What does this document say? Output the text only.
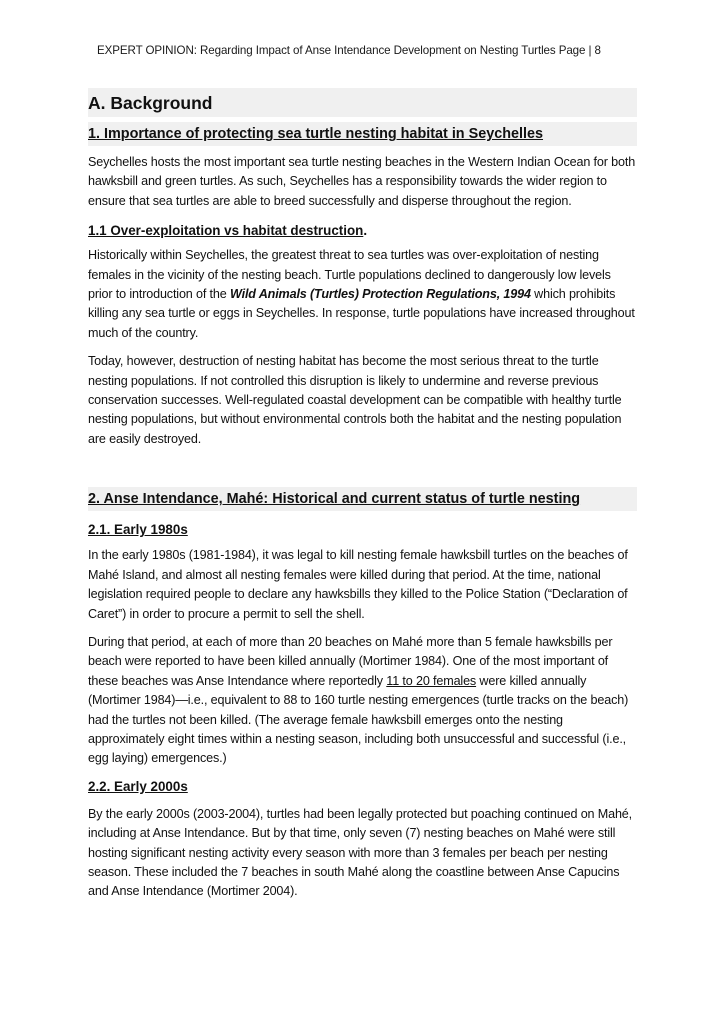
EXPERT OPINION: Regarding Impact of Anse Intendance Development on Nesting Turtles Page | 8
A. Background
1. Importance of protecting sea turtle nesting habitat in Seychelles

Seychelles hosts the most important sea turtle nesting beaches in the Western Indian Ocean for both hawksbill and green turtles. As such, Seychelles has a responsibility towards the wider region to ensure that sea turtles are able to breed successfully and disperse throughout the region.

1.1 Over-exploitation vs habitat destruction.

Historically within Seychelles, the greatest threat to sea turtles was over-exploitation of nesting females in the vicinity of the nesting beach. Turtle populations declined to dangerously low levels prior to introduction of the Wild Animals (Turtles) Protection Regulations, 1994 which prohibits killing any sea turtle or eggs in Seychelles. In response, turtle populations have increased throughout much of the country.

Today, however, destruction of nesting habitat has become the most serious threat to the turtle nesting populations. If not controlled this disruption is likely to undermine and reverse previous conservation successes. Well-regulated coastal development can be compatible with healthy turtle nesting populations, but without environmental controls both the habitat and the nesting population are easily destroyed.

2. Anse Intendance, Mahé: Historical and current status of turtle nesting
2.1. Early 1980s

In the early 1980s (1981-1984), it was legal to kill nesting female hawksbill turtles on the beaches of Mahé Island, and almost all nesting females were killed during that period. At the time, national legislation required people to declare any hawksbills they killed to the Police Station (“Declaration of Caret”) in order to procure a permit to sell the shell.

During that period, at each of more than 20 beaches on Mahé more than 5 female hawksbills per beach were reported to have been killed annually (Mortimer 1984). One of the most important of these beaches was Anse Intendance where reportedly 11 to 20 females were killed annually (Mortimer 1984)—i.e., equivalent to 88 to 160 turtle nesting emergences (turtle tracks on the beach) had the turtles not been killed. (The average female hawksbill emerges onto the nesting approximately eight times within a nesting season, including both unsuccessful and successful (i.e., egg laying) emergences.)

2.2. Early 2000s

By the early 2000s (2003-2004), turtles had been legally protected but poaching continued on Mahé, including at Anse Intendance. But by that time, only seven (7) nesting beaches on Mahé were still hosting significant nesting activity every season with more than 3 females per beach per nesting season. These included the 7 beaches in south Mahé along the coastline between Anse Capucins and Anse Intendance (Mortimer 2004).
